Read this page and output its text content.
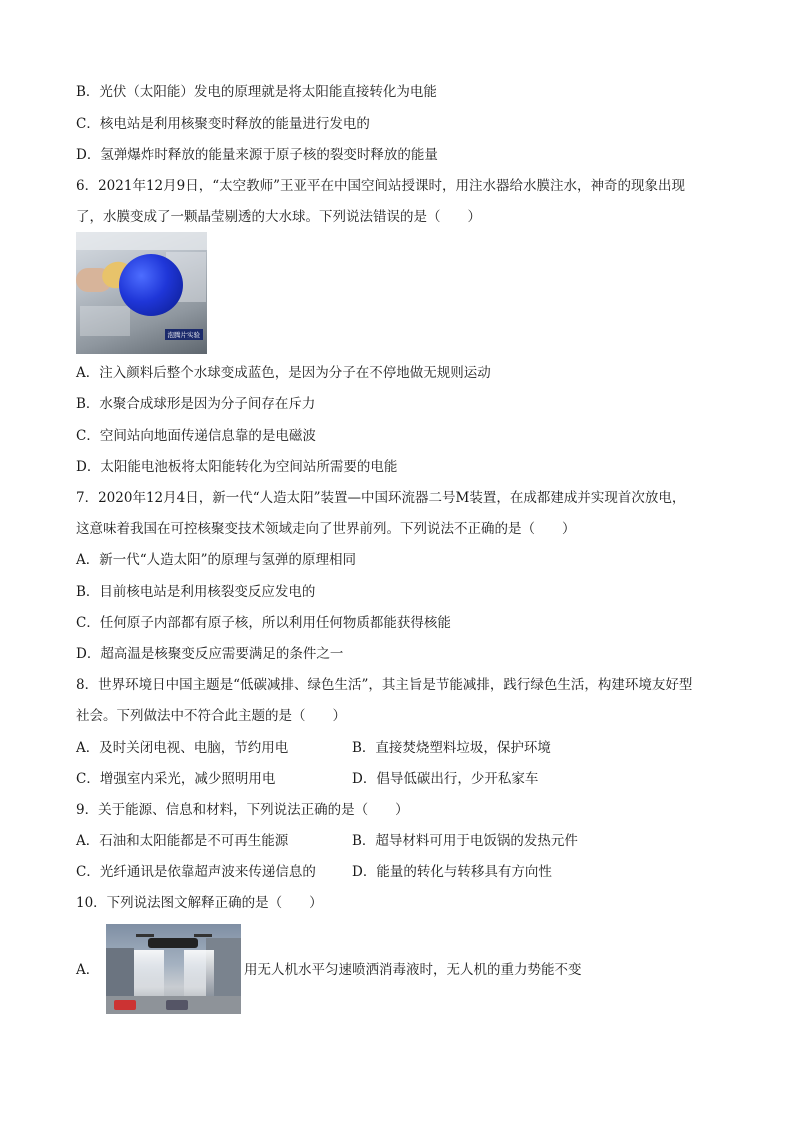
B．光伏（太阳能）发电的原理就是将太阳能直接转化为电能
C．核电站是利用核聚变时释放的能量进行发电的
D．氢弹爆炸时释放的能量来源于原子核的裂变时释放的能量
6．2021年12月9日，“太空教师”王亚平在中国空间站授课时，用注水器给水膜注水，神奇的现象出现
了，水膜变成了一颗晶莹剔透的大水球。下列说法错误的是（　　）
泡腾片实验
A．注入颜料后整个水球变成蓝色，是因为分子在不停地做无规则运动
B．水聚合成球形是因为分子间存在斥力
C．空间站向地面传递信息靠的是电磁波
D．太阳能电池板将太阳能转化为空间站所需要的电能
7．2020年12月4日，新一代“人造太阳”装置—中国环流器二号M装置，在成都建成并实现首次放电，
这意味着我国在可控核聚变技术领域走向了世界前列。下列说法不正确的是（　　）
A．新一代“人造太阳”的原理与氢弹的原理相同
B．目前核电站是利用核裂变反应发电的
C．任何原子内部都有原子核，所以利用任何物质都能获得核能
D．超高温是核聚变反应需要满足的条件之一
8．世界环境日中国主题是“低碳减排、绿色生活”，其主旨是节能减排，践行绿色生活，构建环境友好型
社会。下列做法中不符合此主题的是（　　）
A．及时关闭电视、电脑，节约用电	B．直接焚烧塑料垃圾，保护环境
C．增强室内采光，减少照明用电	D．倡导低碳出行，少开私家车
9．关于能源、信息和材料，下列说法正确的是（　　）
A．石油和太阳能都是不可再生能源	B．超导材料可用于电饭锅的发热元件
C．光纤通讯是依靠超声波来传递信息的	D．能量的转化与转移具有方向性
10．下列说法图文解释正确的是（　　）
A．	用无人机水平匀速喷洒消毒液时，无人机的重力势能不变
